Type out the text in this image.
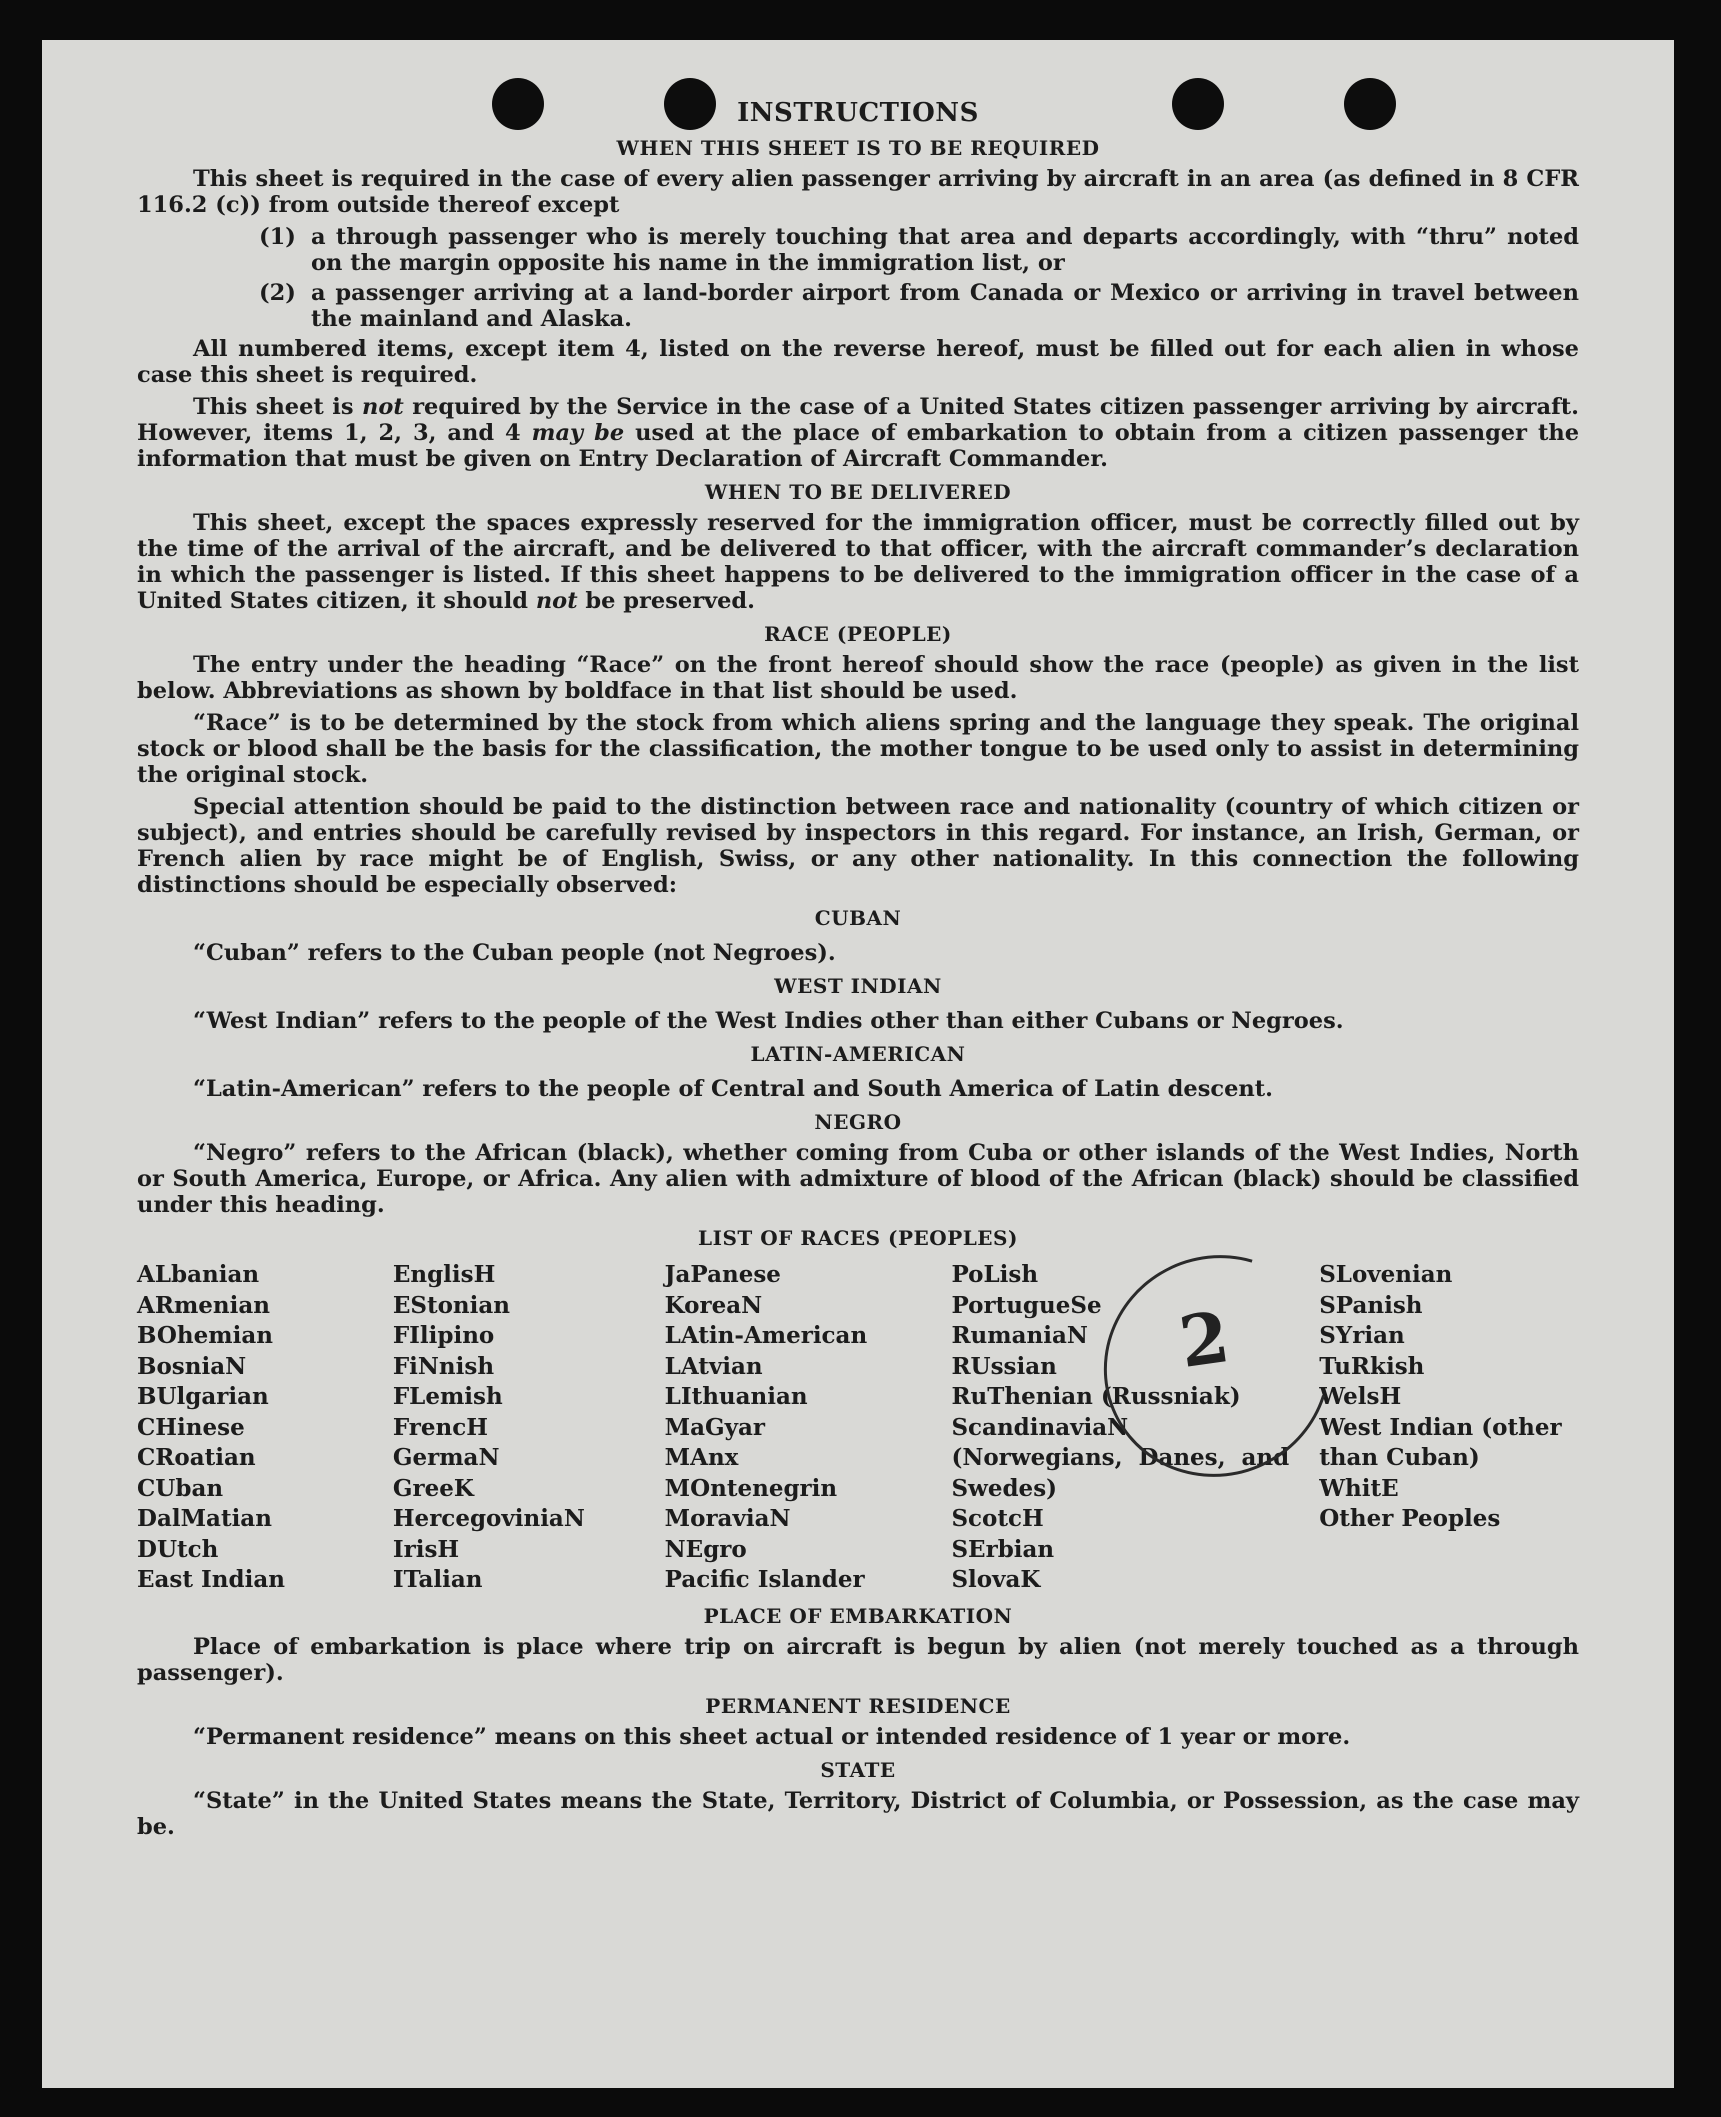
INSTRUCTIONS
WHEN THIS SHEET IS TO BE REQUIRED

This sheet is required in the case of every alien passenger arriving by aircraft in an area (as defined in 8 CFR 116.2 (c)) from outside thereof except

(1) a through passenger who is merely touching that area and departs accordingly, with “thru” noted on the margin opposite his name in the immigration list, or
(2) a passenger arriving at a land-border airport from Canada or Mexico or arriving in travel between the mainland and Alaska.

All numbered items, except item 4, listed on the reverse hereof, must be filled out for each alien in whose case this sheet is required.

This sheet is not required by the Service in the case of a United States citizen passenger arriving by aircraft. However, items 1, 2, 3, and 4 may be used at the place of embarkation to obtain from a citizen passenger the information that must be given on Entry Declaration of Aircraft Commander.

WHEN TO BE DELIVERED

This sheet, except the spaces expressly reserved for the immigration officer, must be correctly filled out by the time of the arrival of the aircraft, and be delivered to that officer, with the aircraft commander’s declaration in which the passenger is listed. If this sheet happens to be delivered to the immigration officer in the case of a United States citizen, it should not be preserved.

RACE (PEOPLE)

The entry under the heading “Race” on the front hereof should show the race (people) as given in the list below. Abbreviations as shown by boldface in that list should be used.

“Race” is to be determined by the stock from which aliens spring and the language they speak. The original stock or blood shall be the basis for the classification, the mother tongue to be used only to assist in determining the original stock.

Special attention should be paid to the distinction between race and nationality (country of which citizen or subject), and entries should be carefully revised by inspectors in this regard. For instance, an Irish, German, or French alien by race might be of English, Swiss, or any other nationality. In this connection the following distinctions should be especially observed:

CUBAN

“Cuban” refers to the Cuban people (not Negroes).

WEST INDIAN

“West Indian” refers to the people of the West Indies other than either Cubans or Negroes.

LATIN-AMERICAN

“Latin-American” refers to the people of Central and South America of Latin descent.

NEGRO

“Negro” refers to the African (black), whether coming from Cuba or other islands of the West Indies, North or South America, Europe, or Africa. Any alien with admixture of blood of the African (black) should be classified under this heading.

LIST OF RACES (PEOPLES)
ALbanian
ARmenian
BOhemian
BosniaN
BUlgarian
CHinese
CRoatian
CUban
DalMatian
DUtch
East Indian
EnglisH
EStonian
FIlipino
FiNnish
FLemish
FrencH
GermaN
GreeK
HercegoviniaN
IrisH
ITalian
JaPanese
KoreaN
LAtin-American
LAtvian
LIthuanian
MaGyar
MAnx
MOntenegrin
MoraviaN
NEgro
Pacific Islander
PoLish
PortugueSe
RumaniaN
RUssian
RuThenian (Russniak)
ScandinaviaN (Norwegians, Danes, and Swedes)
ScotcH
SErbian
SlovaK
SLovenian
SPanish
SYrian
TuRkish
WelsH
West Indian (other than Cuban)
WhitE
Other Peoples
PLACE OF EMBARKATION

Place of embarkation is place where trip on aircraft is begun by alien (not merely touched as a through passenger).

PERMANENT RESIDENCE

“Permanent residence” means on this sheet actual or intended residence of 1 year or more.

STATE

“State” in the United States means the State, Territory, District of Columbia, or Possession, as the case may be.

2
